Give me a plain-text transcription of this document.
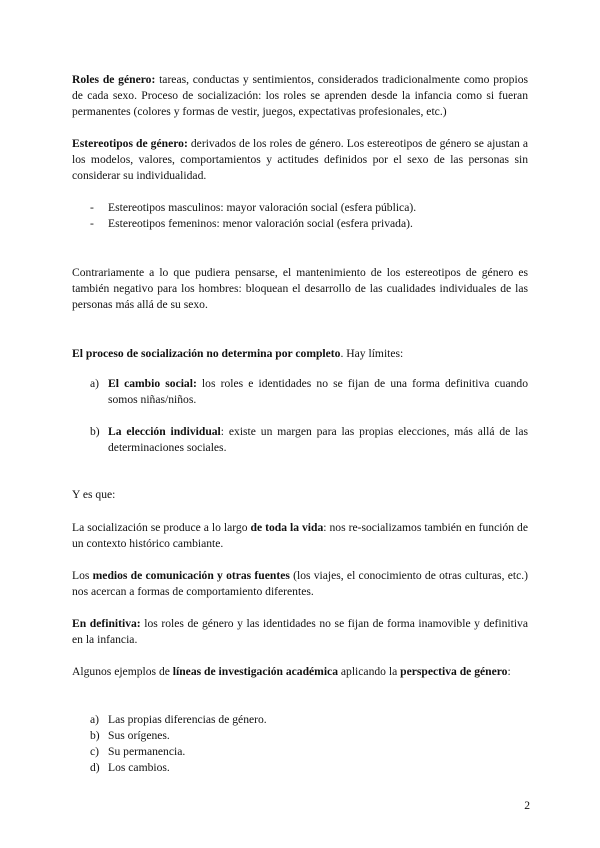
Roles de género: tareas, conductas y sentimientos, considerados tradicionalmente como propios de cada sexo. Proceso de socialización: los roles se aprenden desde la infancia como si fueran permanentes (colores y formas de vestir, juegos, expectativas profesionales, etc.)

Estereotipos de género: derivados de los roles de género. Los estereotipos de género se ajustan a los modelos, valores, comportamientos y actitudes definidos por el sexo de las personas sin considerar su individualidad.

- Estereotipos masculinos: mayor valoración social (esfera pública).
- Estereotipos femeninos: menor valoración social (esfera privada).

Contrariamente a lo que pudiera pensarse, el mantenimiento de los estereotipos de género es también negativo para los hombres: bloquean el desarrollo de las cualidades individuales de las personas más allá de su sexo.

El proceso de socialización no determina por completo. Hay límites:

a) El cambio social: los roles e identidades no se fijan de una forma definitiva cuando somos niñas/niños.
b) La elección individual: existe un margen para las propias elecciones, más allá de las determinaciones sociales.

Y es que:

La socialización se produce a lo largo de toda la vida: nos re-socializamos también en función de un contexto histórico cambiante.

Los medios de comunicación y otras fuentes (los viajes, el conocimiento de otras culturas, etc.) nos acercan a formas de comportamiento diferentes.

En definitiva: los roles de género y las identidades no se fijan de forma inamovible y definitiva en la infancia.

Algunos ejemplos de líneas de investigación académica aplicando la perspectiva de género:

a) Las propias diferencias de género.
b) Sus orígenes.
c) Su permanencia.
d) Los cambios.
2
